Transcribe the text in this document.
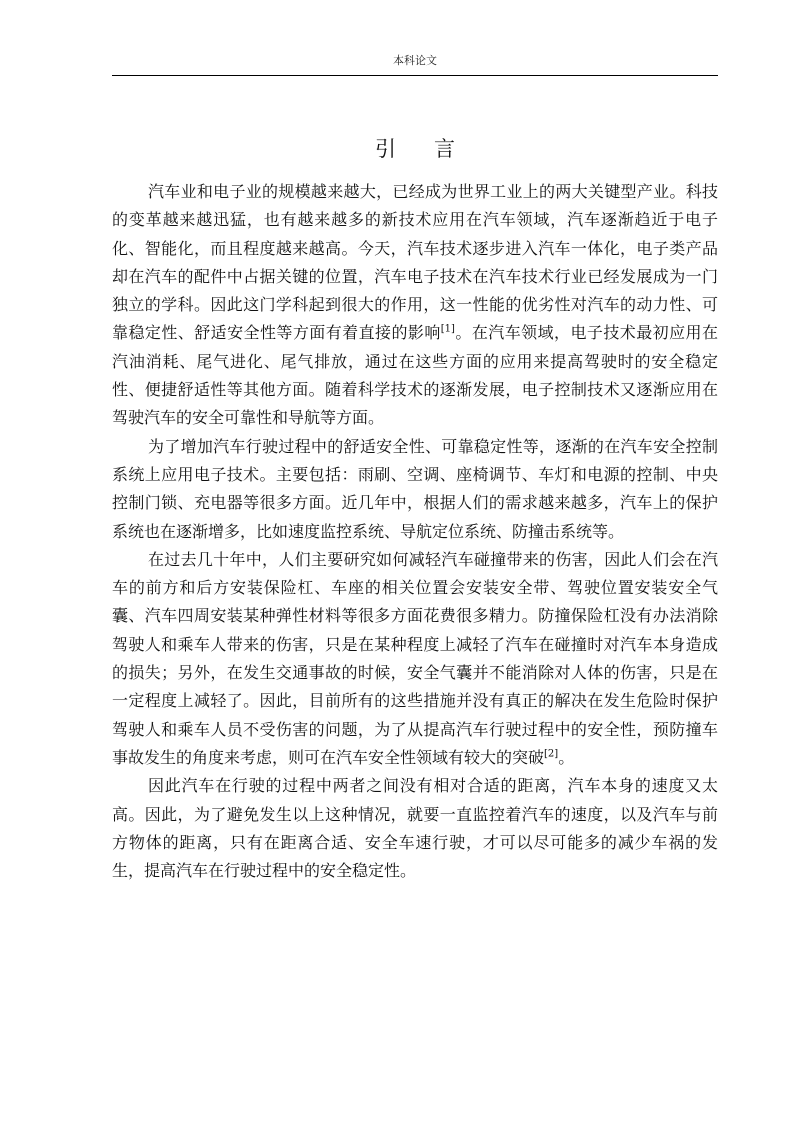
本科论文
引言

汽车业和电子业的规模越来越大，已经成为世界工业上的两大关键型产业。科技的变革越来越迅猛，也有越来越多的新技术应用在汽车领域，汽车逐渐趋近于电子化、智能化，而且程度越来越高。今天，汽车技术逐步进入汽车一体化，电子类产品却在汽车的配件中占据关键的位置，汽车电子技术在汽车技术行业已经发展成为一门独立的学科。因此这门学科起到很大的作用，这一性能的优劣性对汽车的动力性、可靠稳定性、舒适安全性等方面有着直接的影响[1]。在汽车领域，电子技术最初应用在汽油消耗、尾气进化、尾气排放，通过在这些方面的应用来提高驾驶时的安全稳定性、便捷舒适性等其他方面。随着科学技术的逐渐发展，电子控制技术又逐渐应用在驾驶汽车的安全可靠性和导航等方面。

为了增加汽车行驶过程中的舒适安全性、可靠稳定性等，逐渐的在汽车安全控制系统上应用电子技术。主要包括：雨刷、空调、座椅调节、车灯和电源的控制、中央控制门锁、充电器等很多方面。近几年中，根据人们的需求越来越多，汽车上的保护系统也在逐渐增多，比如速度监控系统、导航定位系统、防撞击系统等。

在过去几十年中，人们主要研究如何减轻汽车碰撞带来的伤害，因此人们会在汽车的前方和后方安装保险杠、车座的相关位置会安装安全带、驾驶位置安装安全气囊、汽车四周安装某种弹性材料等很多方面花费很多精力。防撞保险杠没有办法消除驾驶人和乘车人带来的伤害，只是在某种程度上减轻了汽车在碰撞时对汽车本身造成的损失；另外，在发生交通事故的时候，安全气囊并不能消除对人体的伤害，只是在一定程度上减轻了。因此，目前所有的这些措施并没有真正的解决在发生危险时保护驾驶人和乘车人员不受伤害的问题，为了从提高汽车行驶过程中的安全性，预防撞车事故发生的角度来考虑，则可在汽车安全性领域有较大的突破[2]。

因此汽车在行驶的过程中两者之间没有相对合适的距离，汽车本身的速度又太高。因此，为了避免发生以上这种情况，就要一直监控着汽车的速度，以及汽车与前方物体的距离，只有在距离合适、安全车速行驶，才可以尽可能多的减少车祸的发生，提高汽车在行驶过程中的安全稳定性。
